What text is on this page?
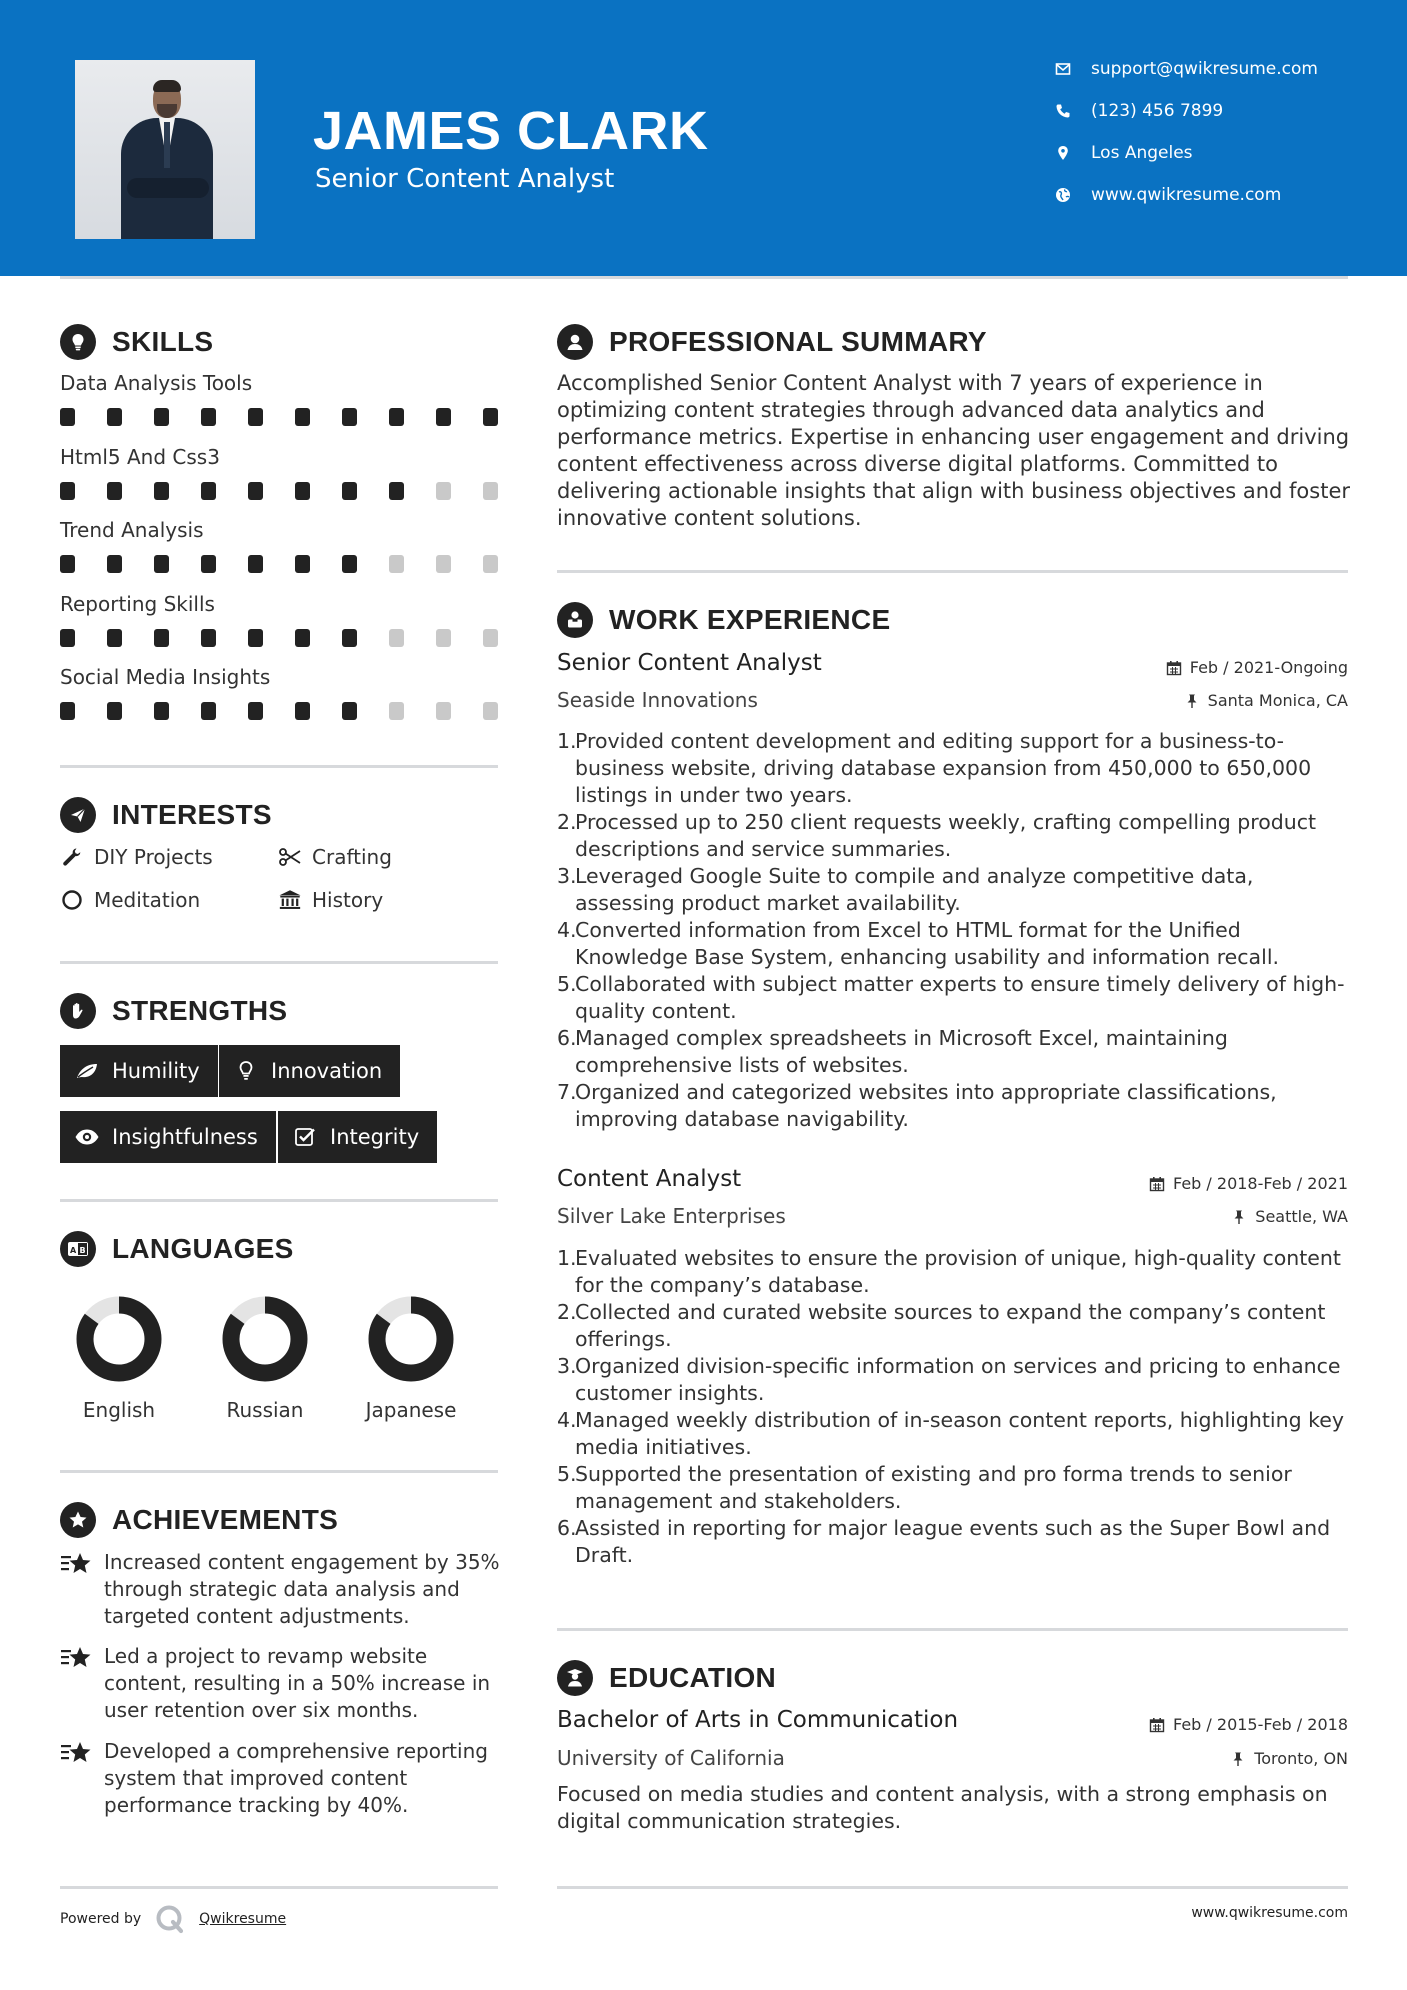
JAMES CLARK
Senior Content Analyst
support@qwikresume.com
(123) 456 7899
Los Angeles
www.qwikresume.com
SKILLS
Data Analysis Tools
Html5 And Css3
Trend Analysis
Reporting Skills
Social Media Insights
INTERESTS
DIY Projects	Crafting
Meditation	History
STRENGTHS
Humility	Innovation
Insightfulness	Integrity
A B LANGUAGES
English	Russian	Japanese
ACHIEVEMENTS
Increased content engagement by 35% through strategic data analysis and targeted content adjustments.
Led a project to revamp website content, resulting in a 50% increase in user retention over six months.
Developed a comprehensive reporting system that improved content performance tracking by 40%.
PROFESSIONAL SUMMARY
Accomplished Senior Content Analyst with 7 years of experience in optimizing content strategies through advanced data analytics and performance metrics. Expertise in enhancing user engagement and driving content effectiveness across diverse digital platforms. Committed to delivering actionable insights that align with business objectives and foster innovative content solutions.
WORK EXPERIENCE
Senior Content Analyst	Feb / 2021-Ongoing
Seaside Innovations	Santa Monica, CA
1.
Provided content development and editing support for a business-to-business website, driving database expansion from 450,000 to 650,000 listings in under two years.
2.
Processed up to 250 client requests weekly, crafting compelling product descriptions and service summaries.
3.
Leveraged Google Suite to compile and analyze competitive data, assessing product market availability.
4.
Converted information from Excel to HTML format for the Unified Knowledge Base System, enhancing usability and information recall.
5.
Collaborated with subject matter experts to ensure timely delivery of high-quality content.
6.
Managed complex spreadsheets in Microsoft Excel, maintaining comprehensive lists of websites.
7.
Organized and categorized websites into appropriate classifications, improving database navigability.
Content Analyst	Feb / 2018-Feb / 2021
Silver Lake Enterprises	Seattle, WA
1.
Evaluated websites to ensure the provision of unique, high-quality content for the company’s database.
2.
Collected and curated website sources to expand the company’s content offerings.
3.
Organized division-specific information on services and pricing to enhance customer insights.
4.
Managed weekly distribution of in-season content reports, highlighting key media initiatives.
5.
Supported the presentation of existing and pro forma trends to senior management and stakeholders.
6.
Assisted in reporting for major league events such as the Super Bowl and Draft.
EDUCATION
Bachelor of Arts in Communication	Feb / 2015-Feb / 2018
University of California	Toronto, ON
Focused on media studies and content analysis, with a strong emphasis on digital communication strategies.
Powered by	Qwikresume	www.qwikresume.com
